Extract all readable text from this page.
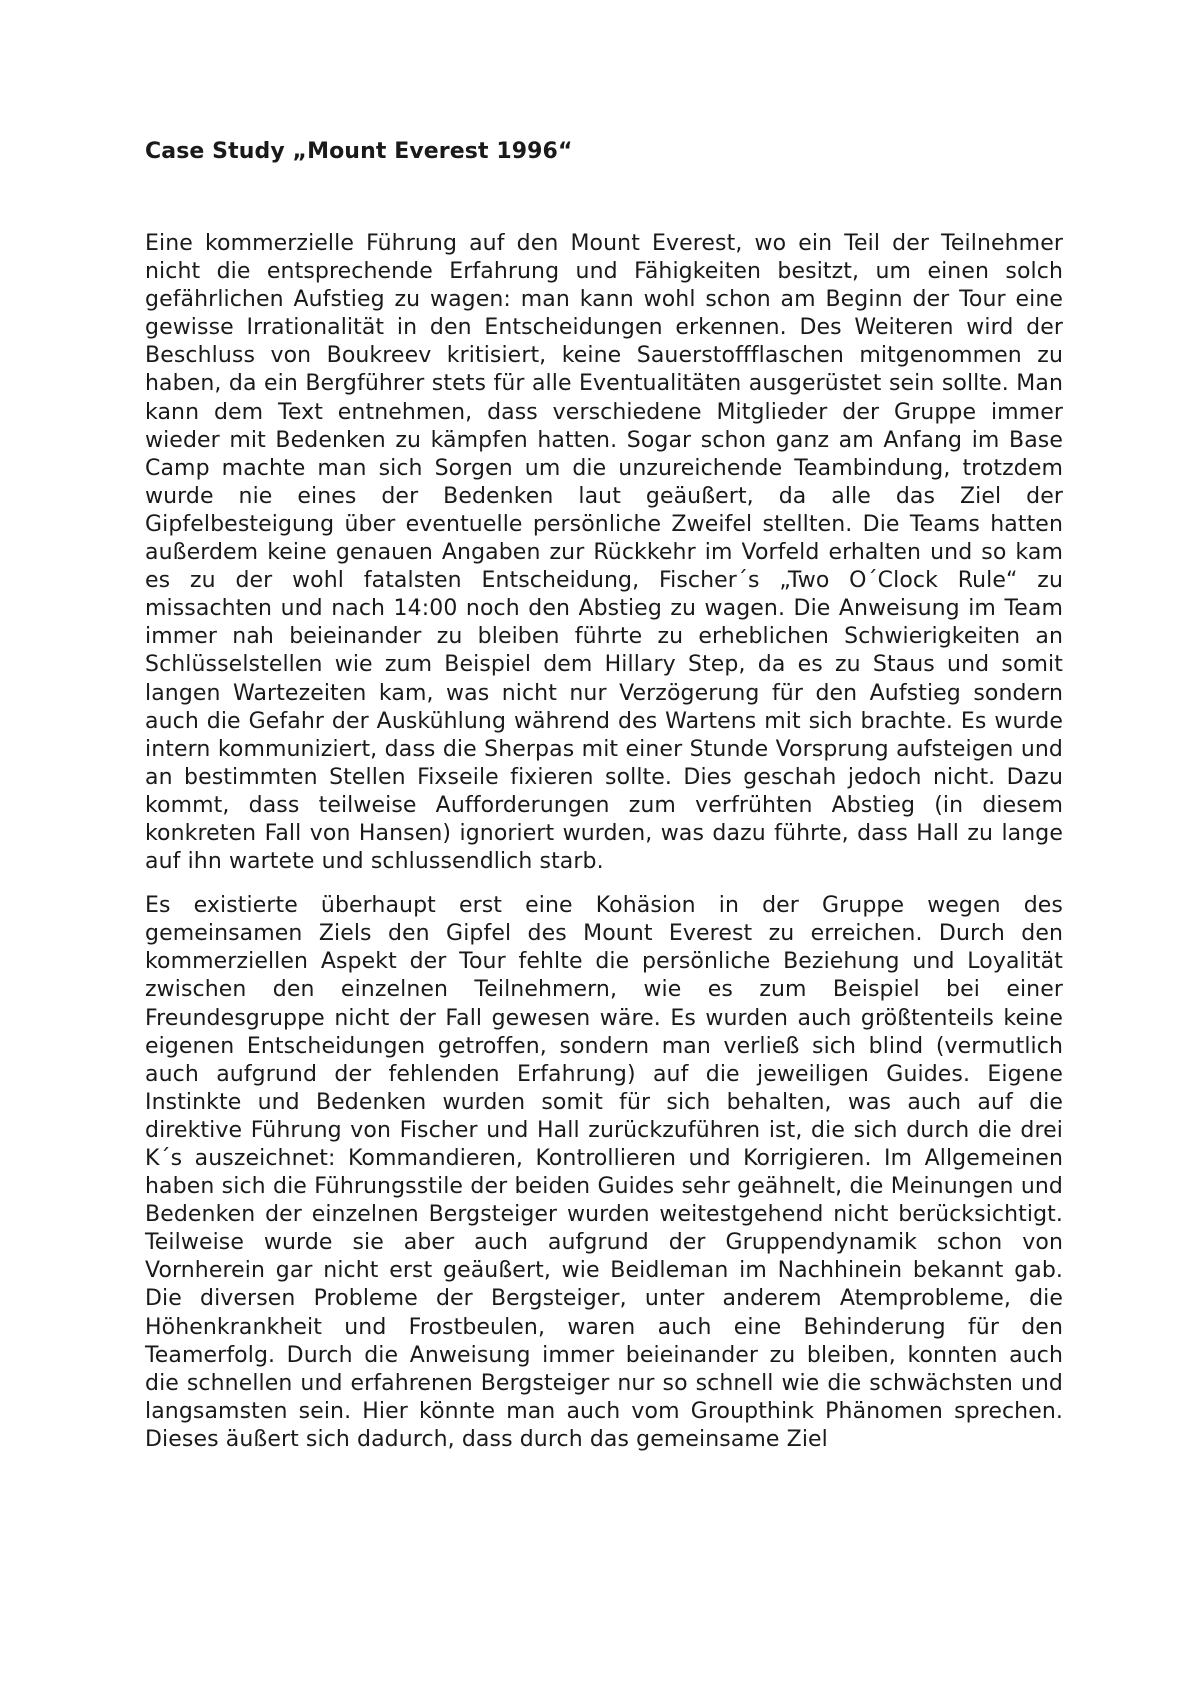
Case Study „Mount Everest 1996“

Eine kommerzielle Führung auf den Mount Everest, wo ein Teil der Teilnehmer nicht die entsprechende Erfahrung und Fähigkeiten besitzt, um einen solch gefährlichen Aufstieg zu wagen: man kann wohl schon am Beginn der Tour eine gewisse Irrationalität in den Entscheidungen erkennen. Des Weiteren wird der Beschluss von Boukreev kritisiert, keine Sauerstoffflaschen mitgenommen zu haben, da ein Bergführer stets für alle Eventualitäten ausgerüstet sein sollte. Man kann dem Text entnehmen, dass verschiedene Mitglieder der Gruppe immer wieder mit Bedenken zu kämpfen hatten. Sogar schon ganz am Anfang im Base Camp machte man sich Sorgen um die unzureichende Teambindung, trotzdem wurde nie eines der Bedenken laut geäußert, da alle das Ziel der Gipfelbesteigung über eventuelle persönliche Zweifel stellten. Die Teams hatten außerdem keine genauen Angaben zur Rückkehr im Vorfeld erhalten und so kam es zu der wohl fatalsten Entscheidung, Fischer´s „Two O´Clock Rule“ zu missachten und nach 14:00 noch den Abstieg zu wagen. Die Anweisung im Team immer nah beieinander zu bleiben führte zu erheblichen Schwierigkeiten an Schlüsselstellen wie zum Beispiel dem Hillary Step, da es zu Staus und somit langen Wartezeiten kam, was nicht nur Verzögerung für den Aufstieg sondern auch die Gefahr der Auskühlung während des Wartens mit sich brachte. Es wurde intern kommuniziert, dass die Sherpas mit einer Stunde Vorsprung aufsteigen und an bestimmten Stellen Fixseile fixieren sollte. Dies geschah jedoch nicht. Dazu kommt, dass teilweise Aufforderungen zum verfrühten Abstieg (in diesem konkreten Fall von Hansen) ignoriert wurden, was dazu führte, dass Hall zu lange auf ihn wartete und schlussendlich starb.

Es existierte überhaupt erst eine Kohäsion in der Gruppe wegen des gemeinsamen Ziels den Gipfel des Mount Everest zu erreichen. Durch den kommerziellen Aspekt der Tour fehlte die persönliche Beziehung und Loyalität zwischen den einzelnen Teilnehmern, wie es zum Beispiel bei einer Freundesgruppe nicht der Fall gewesen wäre. Es wurden auch größtenteils keine eigenen Entscheidungen getroffen, sondern man verließ sich blind (vermutlich auch aufgrund der fehlenden Erfahrung) auf die jeweiligen Guides. Eigene Instinkte und Bedenken wurden somit für sich behalten, was auch auf die direktive Führung von Fischer und Hall zurückzuführen ist, die sich durch die drei K´s auszeichnet: Kommandieren, Kontrollieren und Korrigieren. Im Allgemeinen haben sich die Führungsstile der beiden Guides sehr geähnelt, die Meinungen und Bedenken der einzelnen Bergsteiger wurden weitestgehend nicht berücksichtigt. Teilweise wurde sie aber auch aufgrund der Gruppendynamik schon von Vornherein gar nicht erst geäußert, wie Beidleman im Nachhinein bekannt gab. Die diversen Probleme der Bergsteiger, unter anderem Atemprobleme, die Höhenkrankheit und Frostbeulen, waren auch eine Behinderung für den Teamerfolg. Durch die Anweisung immer beieinander zu bleiben, konnten auch die schnellen und erfahrenen Bergsteiger nur so schnell wie die schwächsten und langsamsten sein. Hier könnte man auch vom Groupthink Phänomen sprechen. Dieses äußert sich dadurch, dass durch das gemeinsame Ziel
